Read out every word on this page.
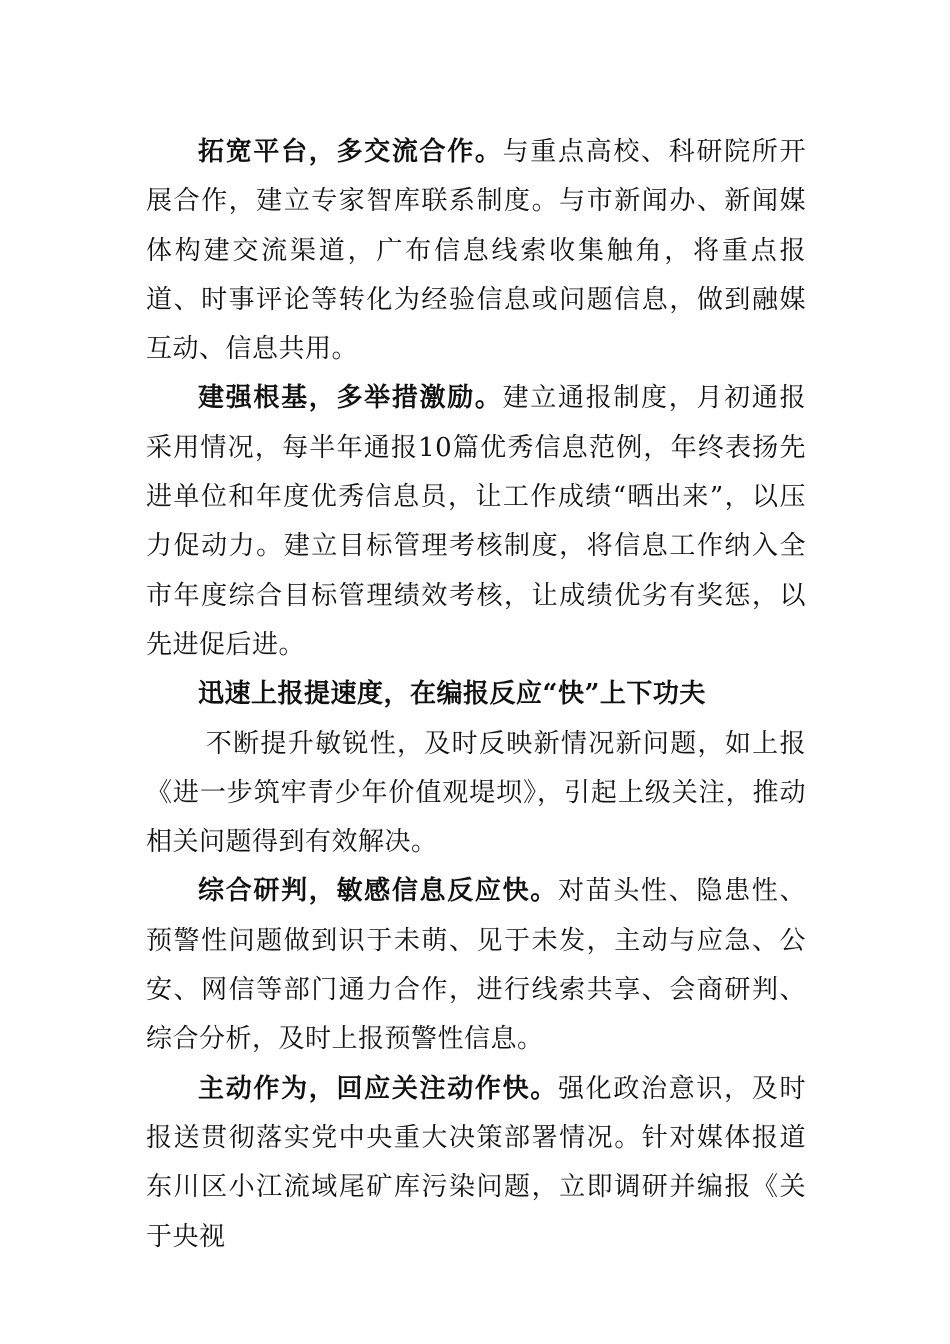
拓宽平台，多交流合作。与重点高校、科研院所开展合作，建立专家智库联系制度。与市新闻办、新闻媒体构建交流渠道，广布信息线索收集触角，将重点报道、时事评论等转化为经验信息或问题信息，做到融媒互动、信息共用。

建强根基，多举措激励。建立通报制度，月初通报采用情况，每半年通报10篇优秀信息范例，年终表扬先进单位和年度优秀信息员，让工作成绩“晒出来”，以压力促动力。建立目标管理考核制度，将信息工作纳入全市年度综合目标管理绩效考核，让成绩优劣有奖惩，以先进促后进。

迅速上报提速度，在编报反应“快”上下功夫

不断提升敏锐性，及时反映新情况新问题，如上报《进一步筑牢青少年价值观堤坝》，引起上级关注，推动相关问题得到有效解决。

综合研判，敏感信息反应快。对苗头性、隐患性、预警性问题做到识于未萌、见于未发，主动与应急、公安、网信等部门通力合作，进行线索共享、会商研判、综合分析，及时上报预警性信息。

主动作为，回应关注动作快。强化政治意识，及时报送贯彻落实党中央重大决策部署情况。针对媒体报道东川区小江流域尾矿库污染问题，立即调研并编报《关于央视
